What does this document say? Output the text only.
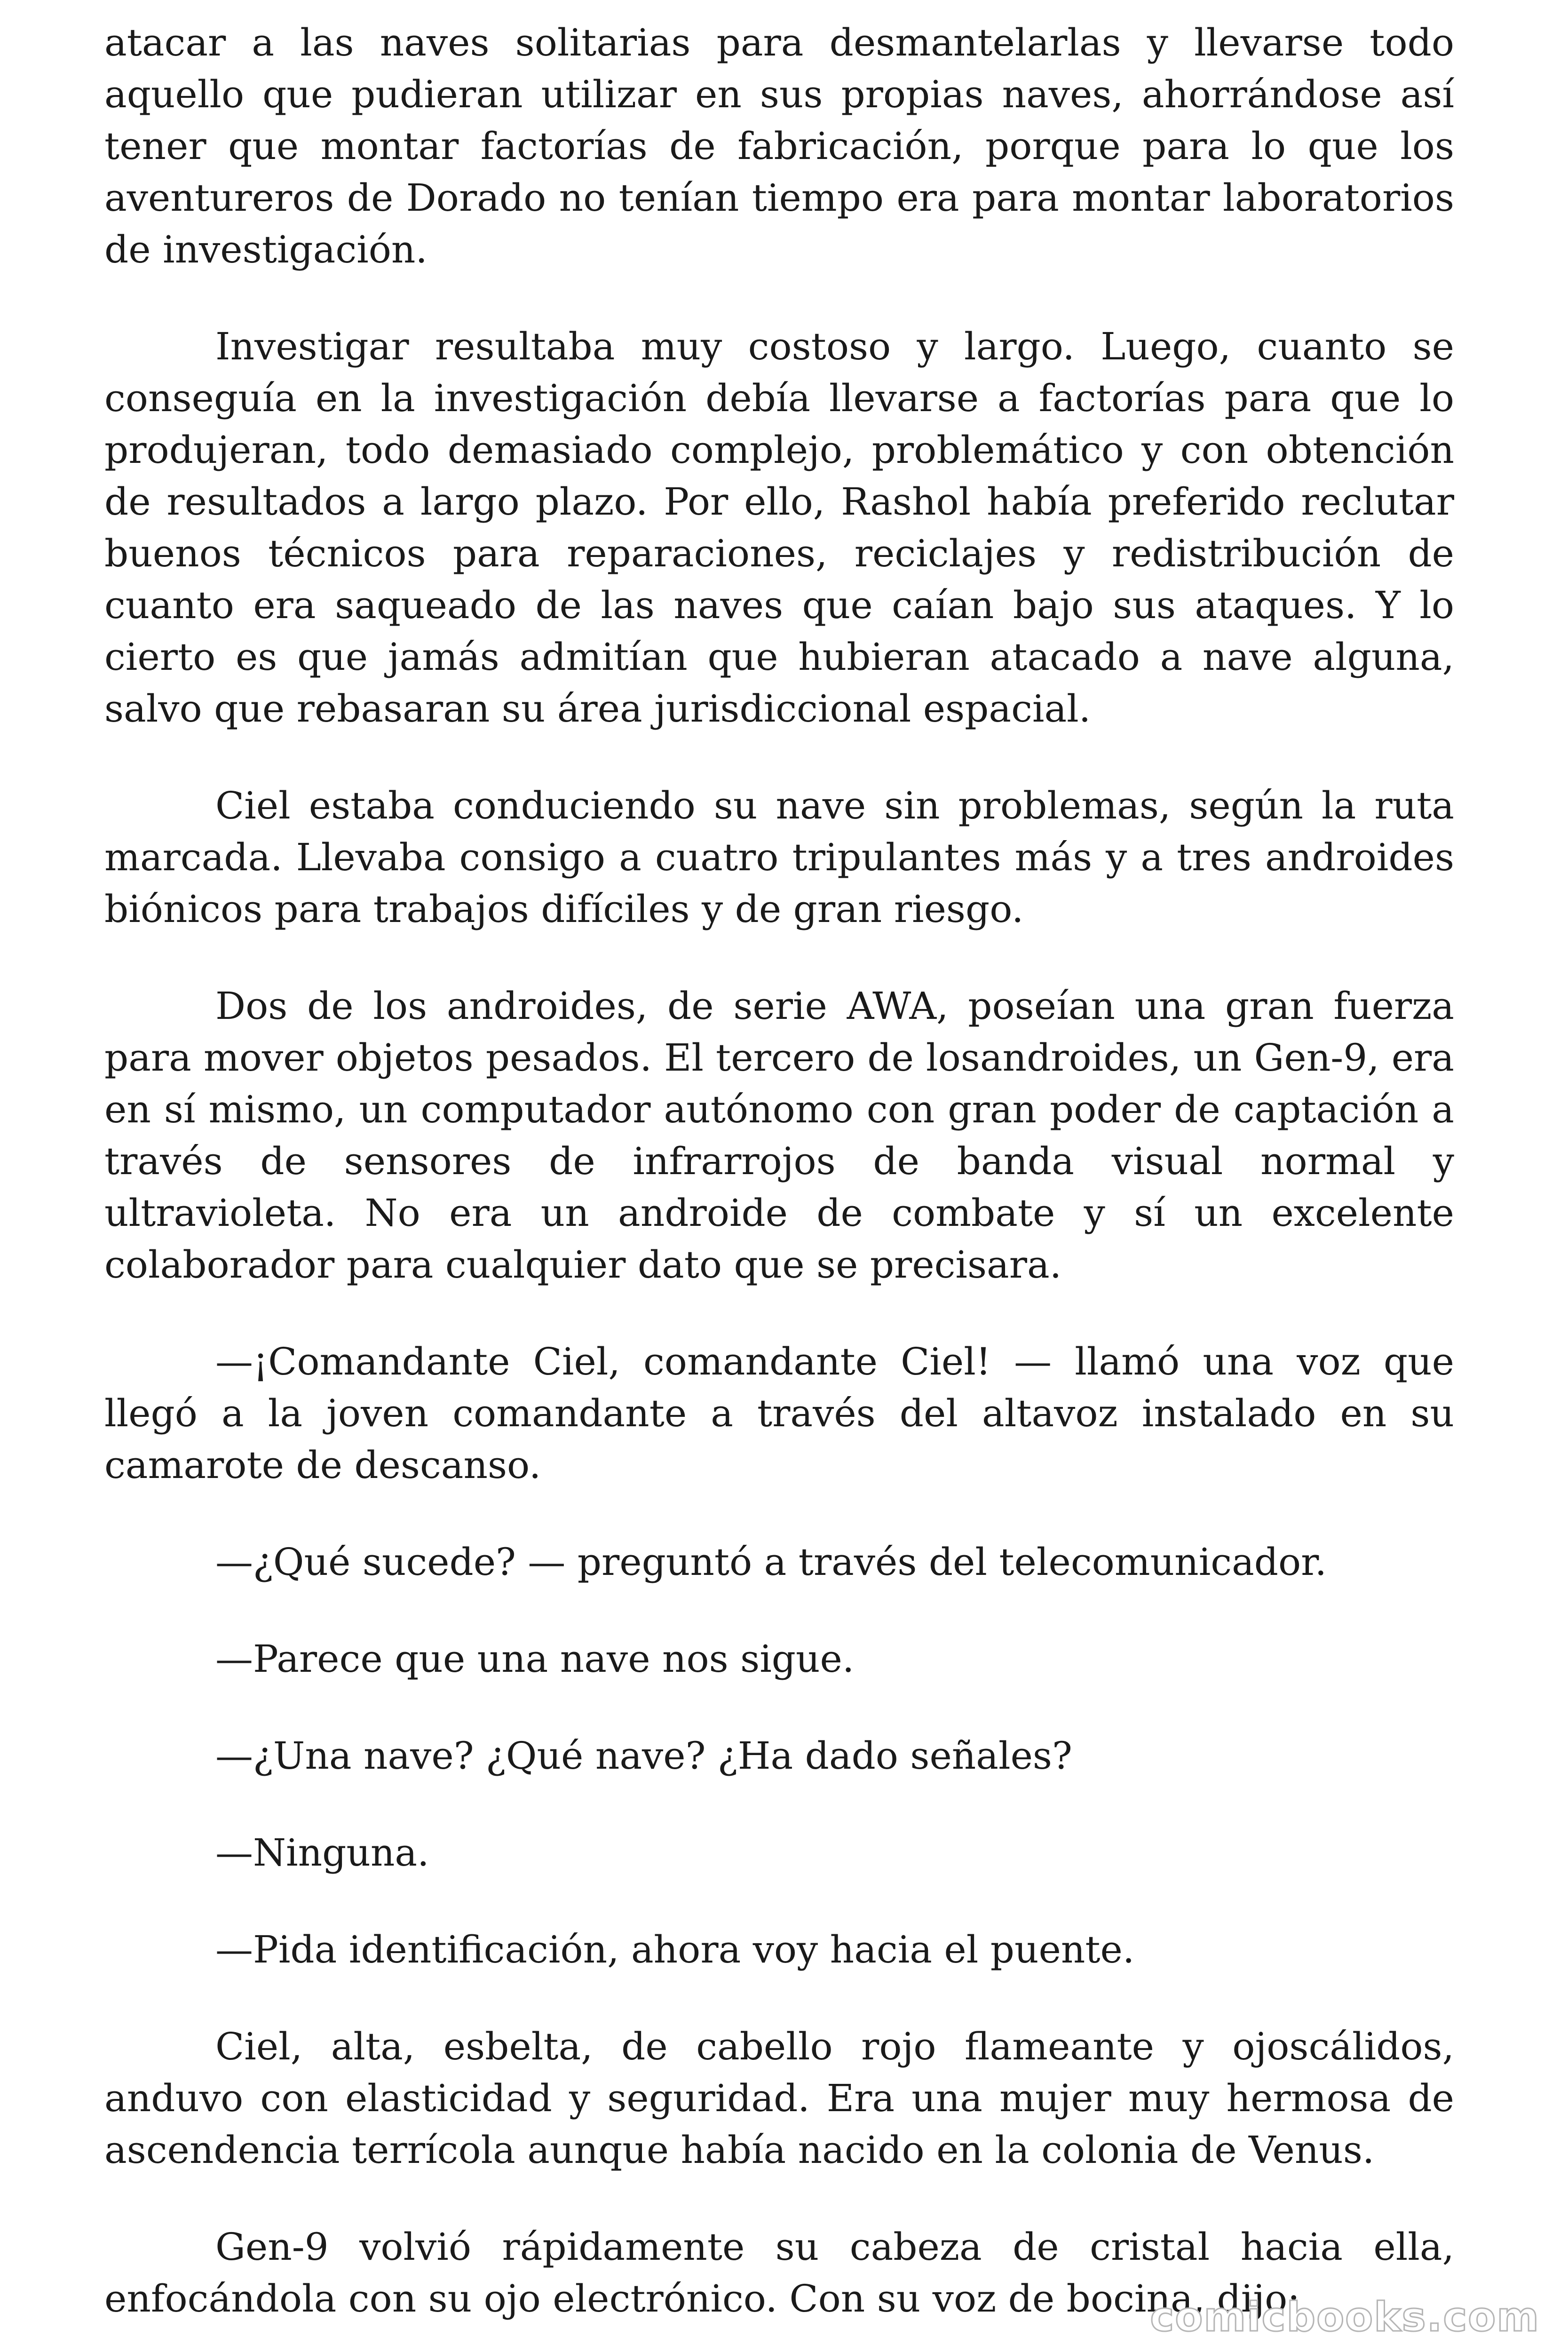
atacar a las naves solitarias para desmantelarlas y llevarse todo aquello que pudieran utilizar en sus propias naves, ahorrándose así tener que montar factorías de fabricación, porque para lo que los aventureros de Dorado no tenían tiempo era para montar laboratorios de investigación.

Investigar resultaba muy costoso y largo. Luego, cuanto se conseguía en la investigación debía llevarse a factorías para que lo produjeran, todo demasiado complejo, problemático y con obtención de resultados a largo plazo. Por ello, Rashol había preferido reclutar buenos técnicos para reparaciones, reciclajes y redistribución de cuanto era saqueado de las naves que caían bajo sus ataques. Y lo cierto es que jamás admitían que hubieran atacado a nave alguna, salvo que rebasaran su área jurisdiccional espacial.

Ciel estaba conduciendo su nave sin problemas, según la ruta marcada. Llevaba consigo a cuatro tripulantes más y a tres androides biónicos para trabajos difíciles y de gran riesgo.

Dos de los androides, de serie AWA, poseían una gran fuerza para mover objetos pesados. El tercero de losandroides, un Gen-9, era en sí mismo, un computador autónomo con gran poder de captación a través de sensores de infrarrojos de banda visual normal y ultravioleta. No era un androide de combate y sí un excelente colaborador para cualquier dato que se precisara.

—¡Comandante Ciel, comandante Ciel! — llamó una voz que llegó a la joven comandante a través del altavoz instalado en su camarote de descanso.

—¿Qué sucede? — preguntó a través del telecomunicador.

—Parece que una nave nos sigue.

—¿Una nave? ¿Qué nave? ¿Ha dado señales?

—Ninguna.

—Pida identificación, ahora voy hacia el puente.

Ciel, alta, esbelta, de cabello rojo flameante y ojoscálidos, anduvo con elasticidad y seguridad. Era una mujer muy hermosa de ascendencia terrícola aunque había nacido en la colonia de Venus.

Gen-9 volvió rápidamente su cabeza de cristal hacia ella, enfocándola con su ojo electrónico. Con su voz de bocina, dijo:

comicbooks.com
